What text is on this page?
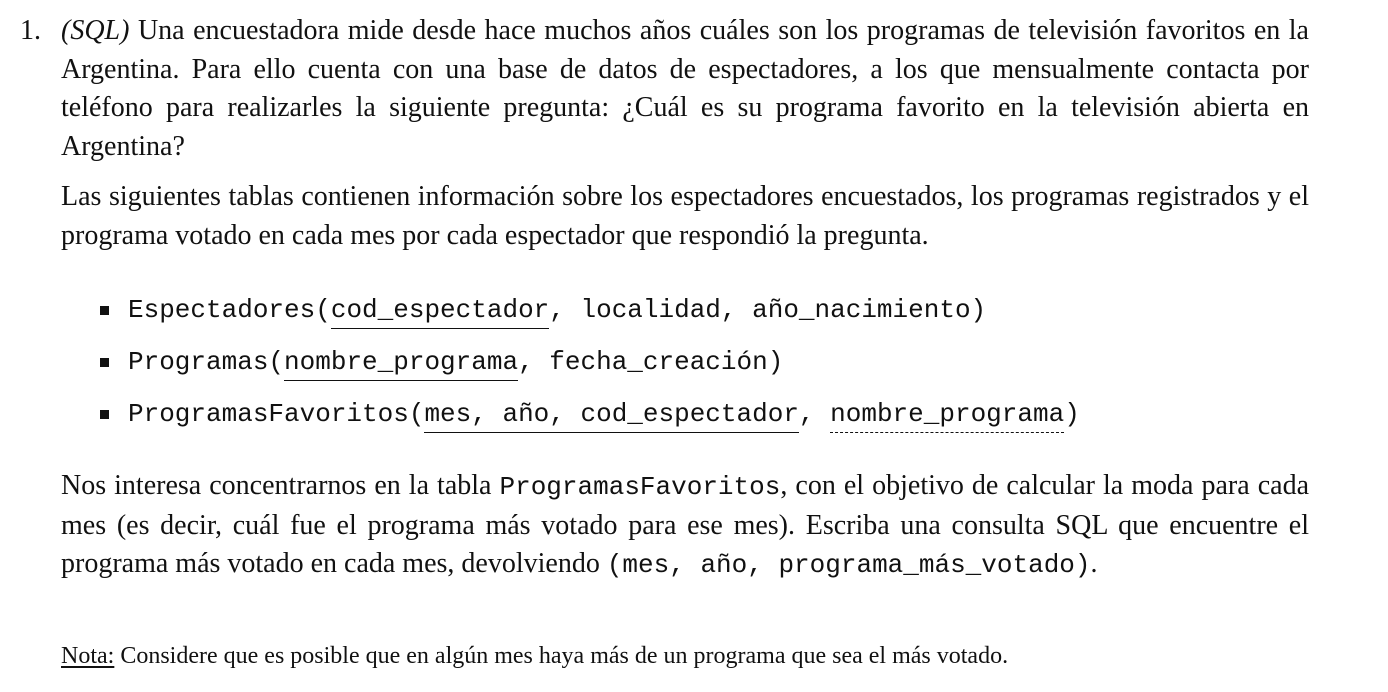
1. (SQL) Una encuestadora mide desde hace muchos años cuáles son los programas de televisión favoritos en la Argentina. Para ello cuenta con una base de datos de espectadores, a los que mensualmente contacta por teléfono para realizarles la siguiente pregunta: ¿Cuál es su programa favorito en la televisión abierta en Argentina?
Las siguientes tablas contienen información sobre los espectadores encuestados, los programas registrados y el programa votado en cada mes por cada espectador que respondió la pregunta.
Espectadores(cod_espectador, localidad, año_nacimiento)
Programas(nombre_programa, fecha_creación)
ProgramasFavoritos(mes, año, cod_espectador, nombre_programa)
Nos interesa concentrarnos en la tabla ProgramasFavoritos, con el objetivo de calcular la moda para cada mes (es decir, cuál fue el programa más votado para ese mes). Escriba una consulta SQL que encuentre el programa más votado en cada mes, devolviendo (mes, año, programa_más_votado).
Nota: Considere que es posible que en algún mes haya más de un programa que sea el más votado.
